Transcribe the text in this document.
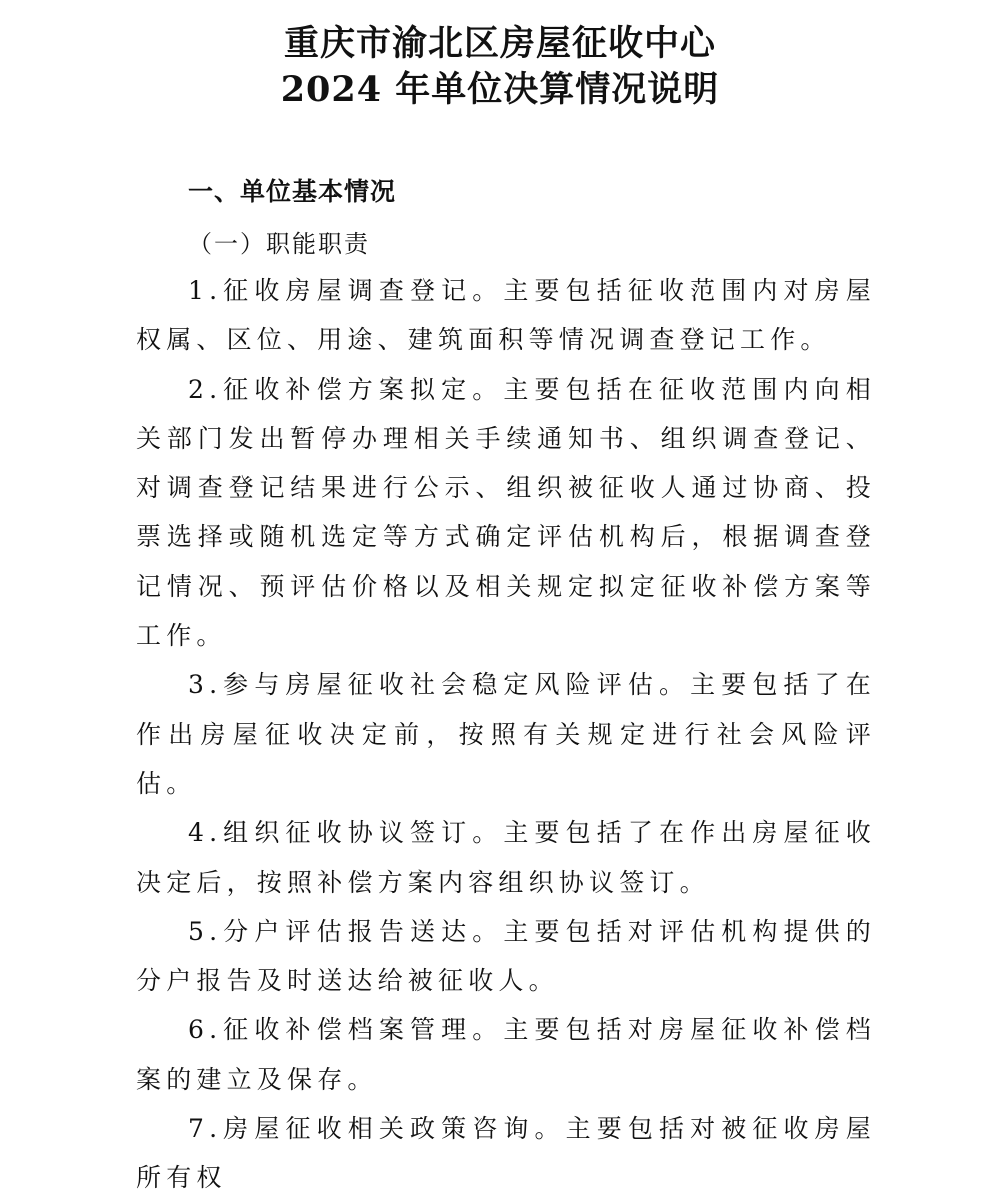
重庆市渝北区房屋征收中心
2024 年单位决算情况说明
一、单位基本情况
（一）职能职责

1.征收房屋调查登记。主要包括征收范围内对房屋权属、区位、用途、建筑面积等情况调查登记工作。

2.征收补偿方案拟定。主要包括在征收范围内向相关部门发出暂停办理相关手续通知书、组织调查登记、对调查登记结果进行公示、组织被征收人通过协商、投票选择或随机选定等方式确定评估机构后，根据调查登记情况、预评估价格以及相关规定拟定征收补偿方案等工作。

3.参与房屋征收社会稳定风险评估。主要包括了在作出房屋征收决定前，按照有关规定进行社会风险评估。

4.组织征收协议签订。主要包括了在作出房屋征收决定后，按照补偿方案内容组织协议签订。

5.分户评估报告送达。主要包括对评估机构提供的分户报告及时送达给被征收人。

6.征收补偿档案管理。主要包括对房屋征收补偿档案的建立及保存。

7.房屋征收相关政策咨询。主要包括对被征收房屋所有权
